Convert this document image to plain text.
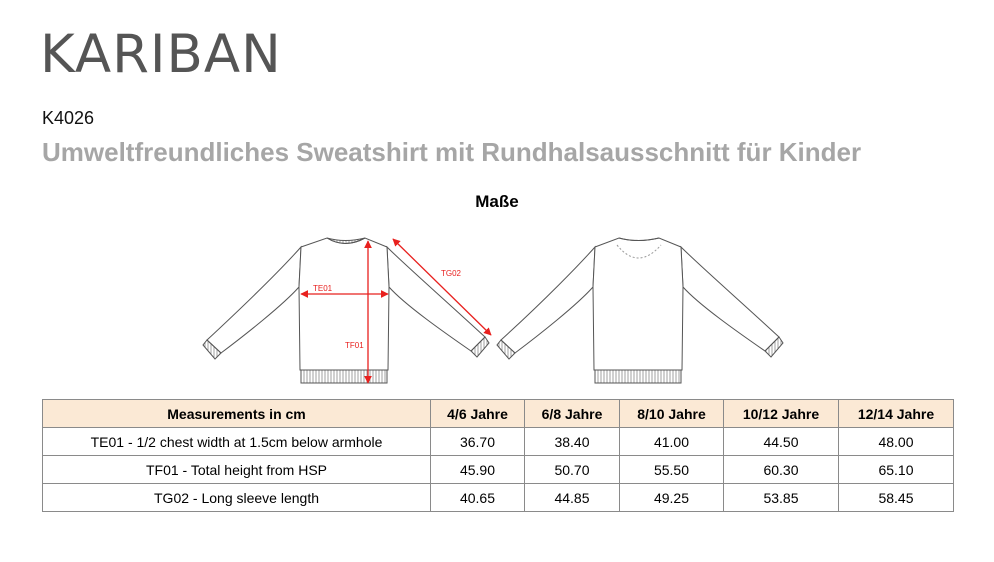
KARIBAN
K4026
Umweltfreundliches Sweatshirt mit Rundhalsausschnitt für Kinder
Maße
TE01
TF01
TG02
Measurements in cm	4/6 Jahre	6/8 Jahre	8/10 Jahre	10/12 Jahre	12/14 Jahre
TE01 - 1/2 chest width at 1.5cm below armhole	36.70	38.40	41.00	44.50	48.00
TF01 - Total height from HSP	45.90	50.70	55.50	60.30	65.10
TG02 - Long sleeve length	40.65	44.85	49.25	53.85	58.45
